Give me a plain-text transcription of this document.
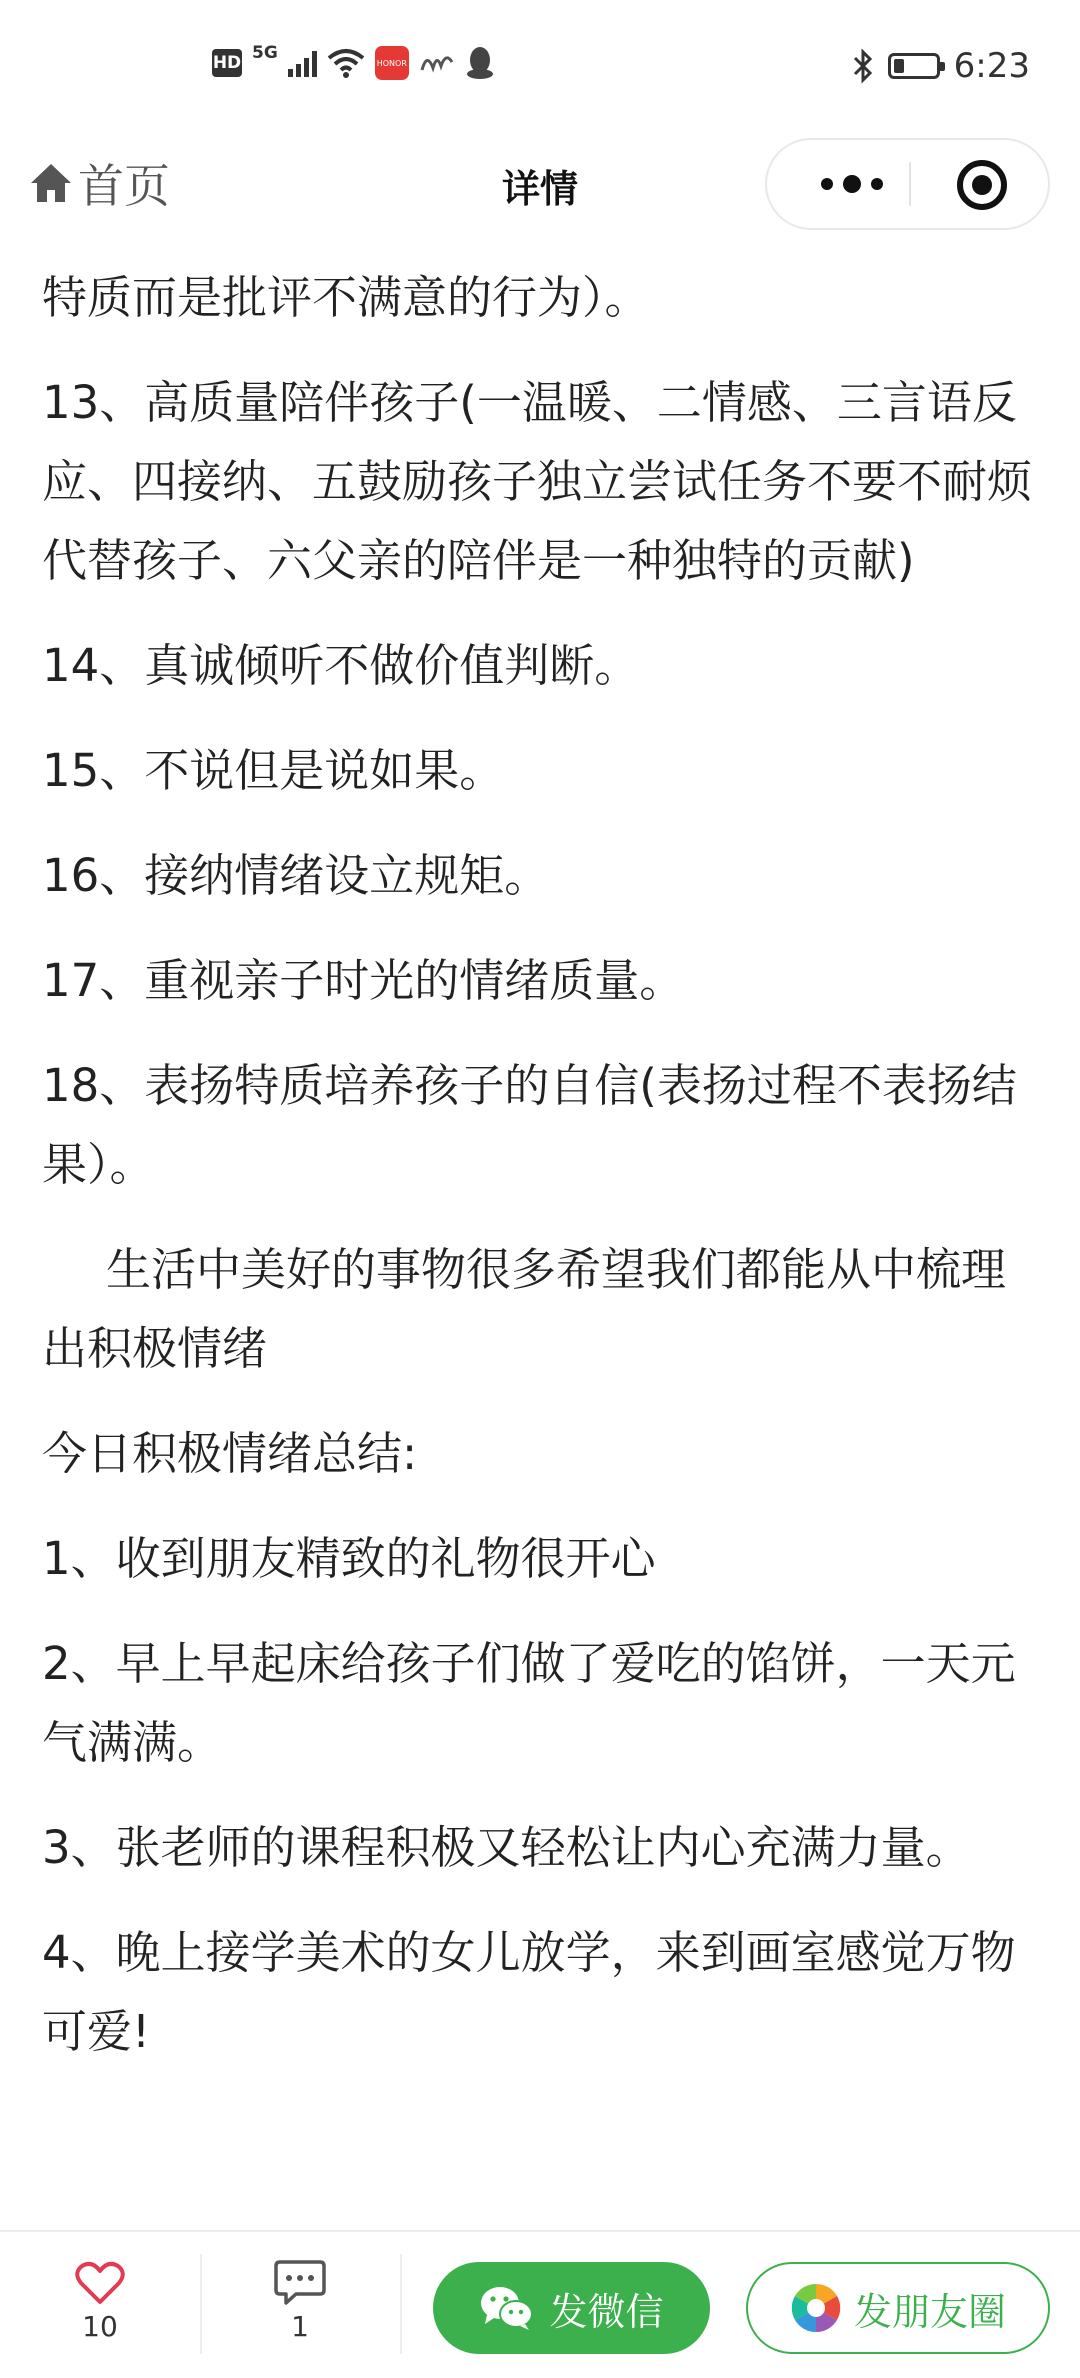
HD 5G	HONOR	6:23
首页	详情

特质而是批评不满意的行为）。

13、高质量陪伴孩子(一温暖、二情感、三言语反应、四接纳、五鼓励孩子独立尝试任务不要不耐烦代替孩子、六父亲的陪伴是一种独特的贡献)

14、真诚倾听不做价值判断。

15、不说但是说如果。

16、接纳情绪设立规矩。

17、重视亲子时光的情绪质量。

18、表扬特质培养孩子的自信(表扬过程不表扬结果）。

生活中美好的事物很多希望我们都能从中梳理出积极情绪

今日积极情绪总结:

1、收到朋友精致的礼物很开心

2、早上早起床给孩子们做了爱吃的馅饼，一天元气满满。

3、张老师的课程积极又轻松让内心充满力量。

4、晚上接学美术的女儿放学，来到画室感觉万物可爱!

10	1	发微信	发朋友圈
